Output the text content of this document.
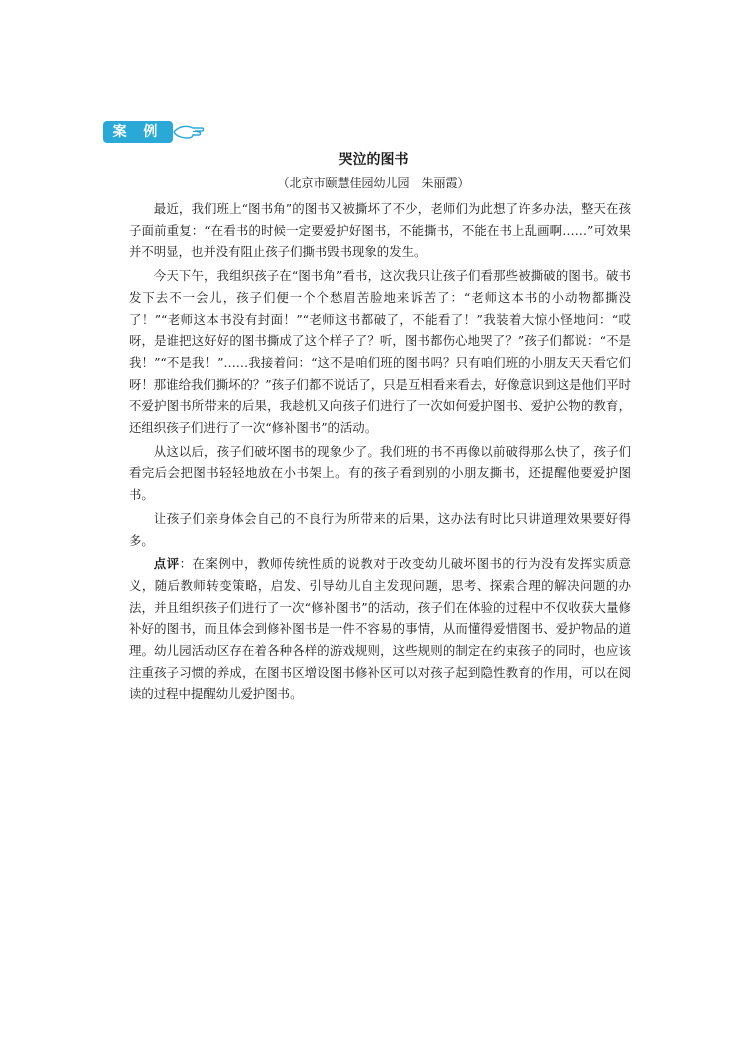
案 例
哭泣的图书
（北京市颐慧佳园幼儿园　朱丽霞）

最近，我们班上“图书角”的图书又被撕坏了不少，老师们为此想了许多办法，整天在孩子面前重复：“在看书的时候一定要爱护好图书，不能撕书，不能在书上乱画啊……”可效果并不明显，也并没有阻止孩子们撕书毁书现象的发生。

今天下午，我组织孩子在“图书角”看书，这次我只让孩子们看那些被撕破的图书。破书发下去不一会儿，孩子们便一个个愁眉苦脸地来诉苦了：“老师这本书的小动物都撕没了！”“老师这本书没有封面！”“老师这书都破了，不能看了！”我装着大惊小怪地问：“哎呀，是谁把这好好的图书撕成了这个样子了？听，图书都伤心地哭了？”孩子们都说：“不是我！”“不是我！”……我接着问：“这不是咱们班的图书吗？只有咱们班的小朋友天天看它们呀！那谁给我们撕坏的？”孩子们都不说话了，只是互相看来看去，好像意识到这是他们平时不爱护图书所带来的后果，我趁机又向孩子们进行了一次如何爱护图书、爱护公物的教育，还组织孩子们进行了一次“修补图书”的活动。

从这以后，孩子们破坏图书的现象少了。我们班的书不再像以前破得那么快了，孩子们看完后会把图书轻轻地放在小书架上。有的孩子看到别的小朋友撕书，还提醒他要爱护图书。

让孩子们亲身体会自己的不良行为所带来的后果，这办法有时比只讲道理效果要好得多。

点评：在案例中，教师传统性质的说教对于改变幼儿破坏图书的行为没有发挥实质意义，随后教师转变策略，启发、引导幼儿自主发现问题，思考、探索合理的解决问题的办法，并且组织孩子们进行了一次“修补图书”的活动，孩子们在体验的过程中不仅收获大量修补好的图书，而且体会到修补图书是一件不容易的事情，从而懂得爱惜图书、爱护物品的道理。幼儿园活动区存在着各种各样的游戏规则，这些规则的制定在约束孩子的同时，也应该注重孩子习惯的养成，在图书区增设图书修补区可以对孩子起到隐性教育的作用，可以在阅读的过程中提醒幼儿爱护图书。
